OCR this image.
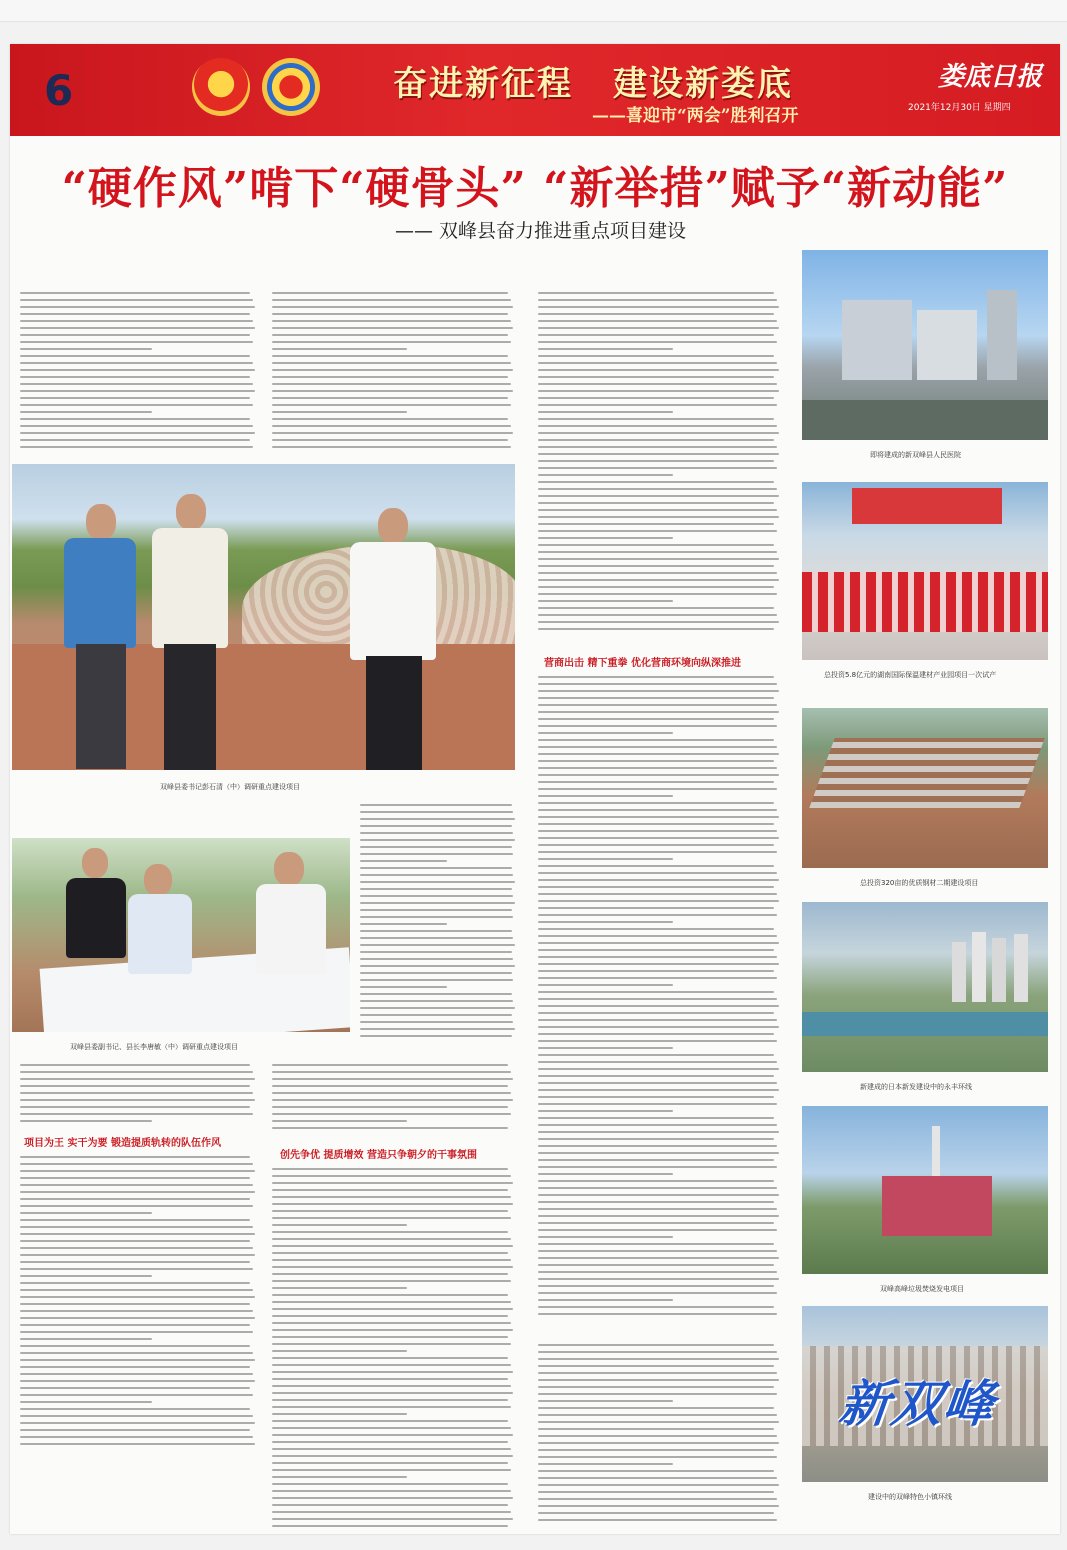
6	奋进新征程 建设新娄底
——喜迎市“两会”胜利召开
娄底日报
2021年12月30日 星期四
“硬作风”啃下“硬骨头” “新举措”赋予“新动能”
—— 双峰县奋力推进重点项目建设
双峰县委书记彭石清（中）调研重点建设项目
双峰县委副书记、县长李唐敏（中）调研重点建设项目
项目为王 实干为要 锻造提质轨转的队伍作风
创先争优 提质增效 营造只争朝夕的干事氛围
营商出击 精下重拳 优化营商环境向纵深推进
即将建成的新双峰县人民医院
总投资5.8亿元的湖南国际保温建材产业园项目一次试产
总投资320亩的优质钢材二期建设项目
新建成的日本新发建设中的永丰环线
双峰高峰垃圾焚烧发电项目
建设中的双峰特色小镇环线
新双峰
